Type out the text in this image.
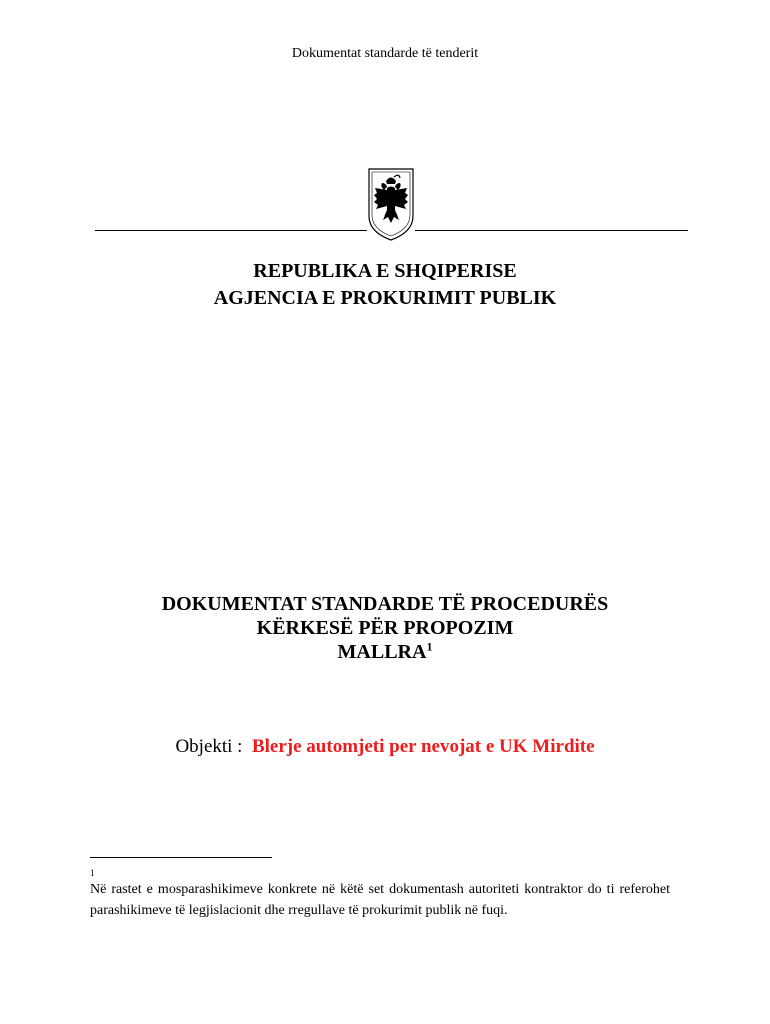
Dokumentat standarde të tenderit
REPUBLIKA E SHQIPERISE
AGJENCIA E PROKURIMIT PUBLIK
DOKUMENTAT STANDARDE TË PROCEDURËS
KËRKESË PËR PROPOZIM
MALLRA$^1$
Objekti : Blerje automjeti per nevojat e UK Mirdite
1
Në rastet e mosparashikimeve konkrete në këtë set dokumentash autoriteti kontraktor do ti referohet parashikimeve të legjislacionit dhe rregullave të prokurimit publik në fuqi.
